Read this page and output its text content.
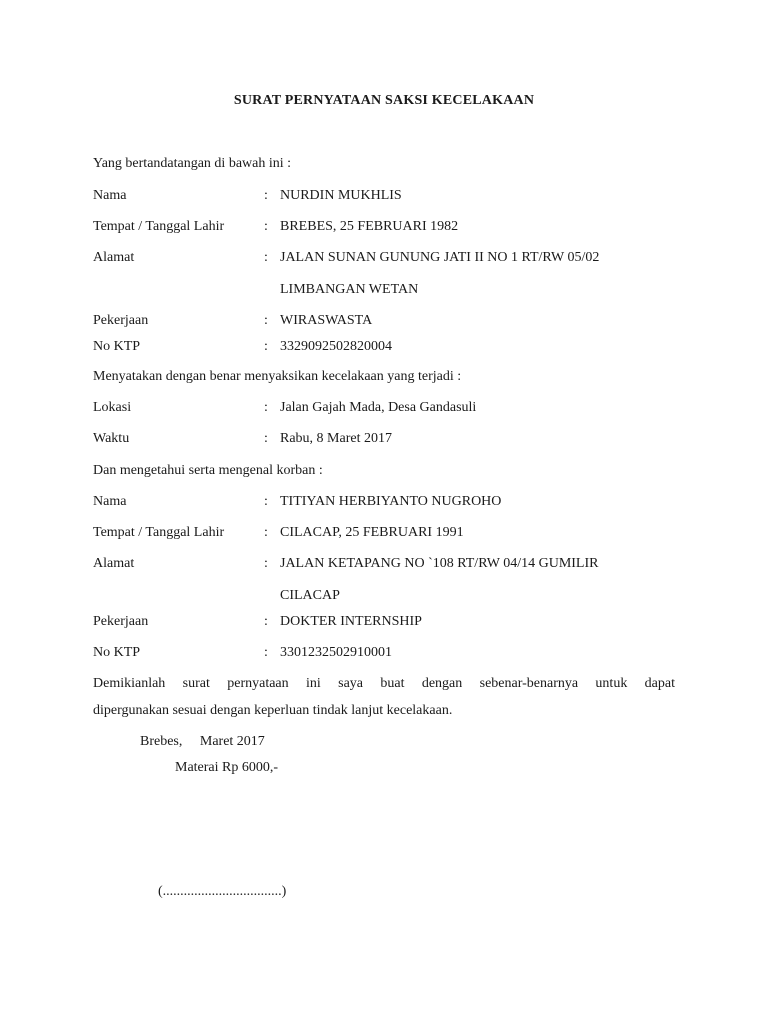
SURAT PERNYATAAN SAKSI KECELAKAAN
Yang bertandatangan di bawah ini :
Nama	: NURDIN MUKHLIS
Tempat / Tanggal Lahir	: BREBES, 25 FEBRUARI 1982
Alamat	: JALAN SUNAN GUNUNG JATI II NO 1 RT/RW 05/02
LIMBANGAN WETAN
Pekerjaan	: WIRASWASTA
No KTP	: 3329092502820004
Menyatakan dengan benar menyaksikan kecelakaan yang terjadi :
Lokasi	: Jalan Gajah Mada, Desa Gandasuli
Waktu	: Rabu, 8 Maret 2017
Dan mengetahui serta mengenal korban :
Nama	: TITIYAN HERBIYANTO NUGROHO
Tempat / Tanggal Lahir	: CILACAP, 25 FEBRUARI 1991
Alamat	: JALAN KETAPANG NO `108 RT/RW 04/14 GUMILIR
CILACAP
Pekerjaan	: DOKTER INTERNSHIP
No KTP	: 3301232502910001
Demikianlah surat pernyataan ini saya buat dengan sebenar-benarnya untuk dapat
dipergunakan sesuai dengan keperluan tindak lanjut kecelakaan.
Brebes,     Maret 2017
Materai Rp 6000,-
(..................................)
